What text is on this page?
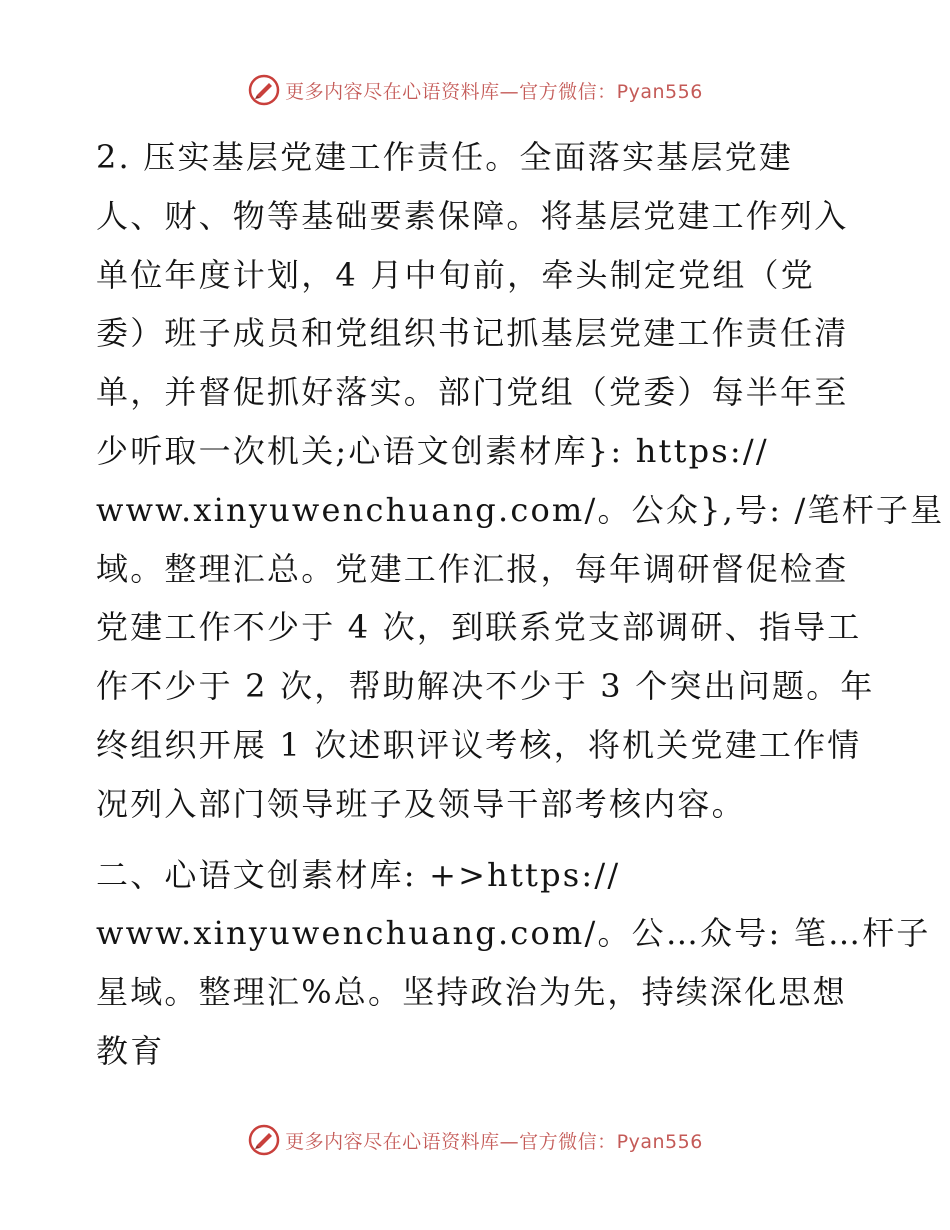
更多内容尽在心语资料库—官方微信：Pyan556

2. 压实基层党建工作责任。全面落实基层党建
人、财、物等基础要素保障。将基层党建工作列入
单位年度计划，4 月中旬前，牵头制定党组（党
委）班子成员和党组织书记抓基层党建工作责任清
单，并督促抓好落实。部门党组（党委）每半年至
少听取一次机关;心语文创素材库}: https://
www.xinyuwenchuang.com/。公众},号: /笔杆子星
域。整理汇总。党建工作汇报，每年调研督促检查
党建工作不少于 4 次，到联系党支部调研、指导工
作不少于 2 次，帮助解决不少于 3 个突出问题。年
终组织开展 1 次述职评议考核，将机关党建工作情
况列入部门领导班子及领导干部考核内容。

二、心语文创素材库: +>https://
www.xinyuwenchuang.com/。公…众号: 笔…杆子
星域。整理汇%总。坚持政治为先，持续深化思想
教育

更多内容尽在心语资料库—官方微信：Pyan556
